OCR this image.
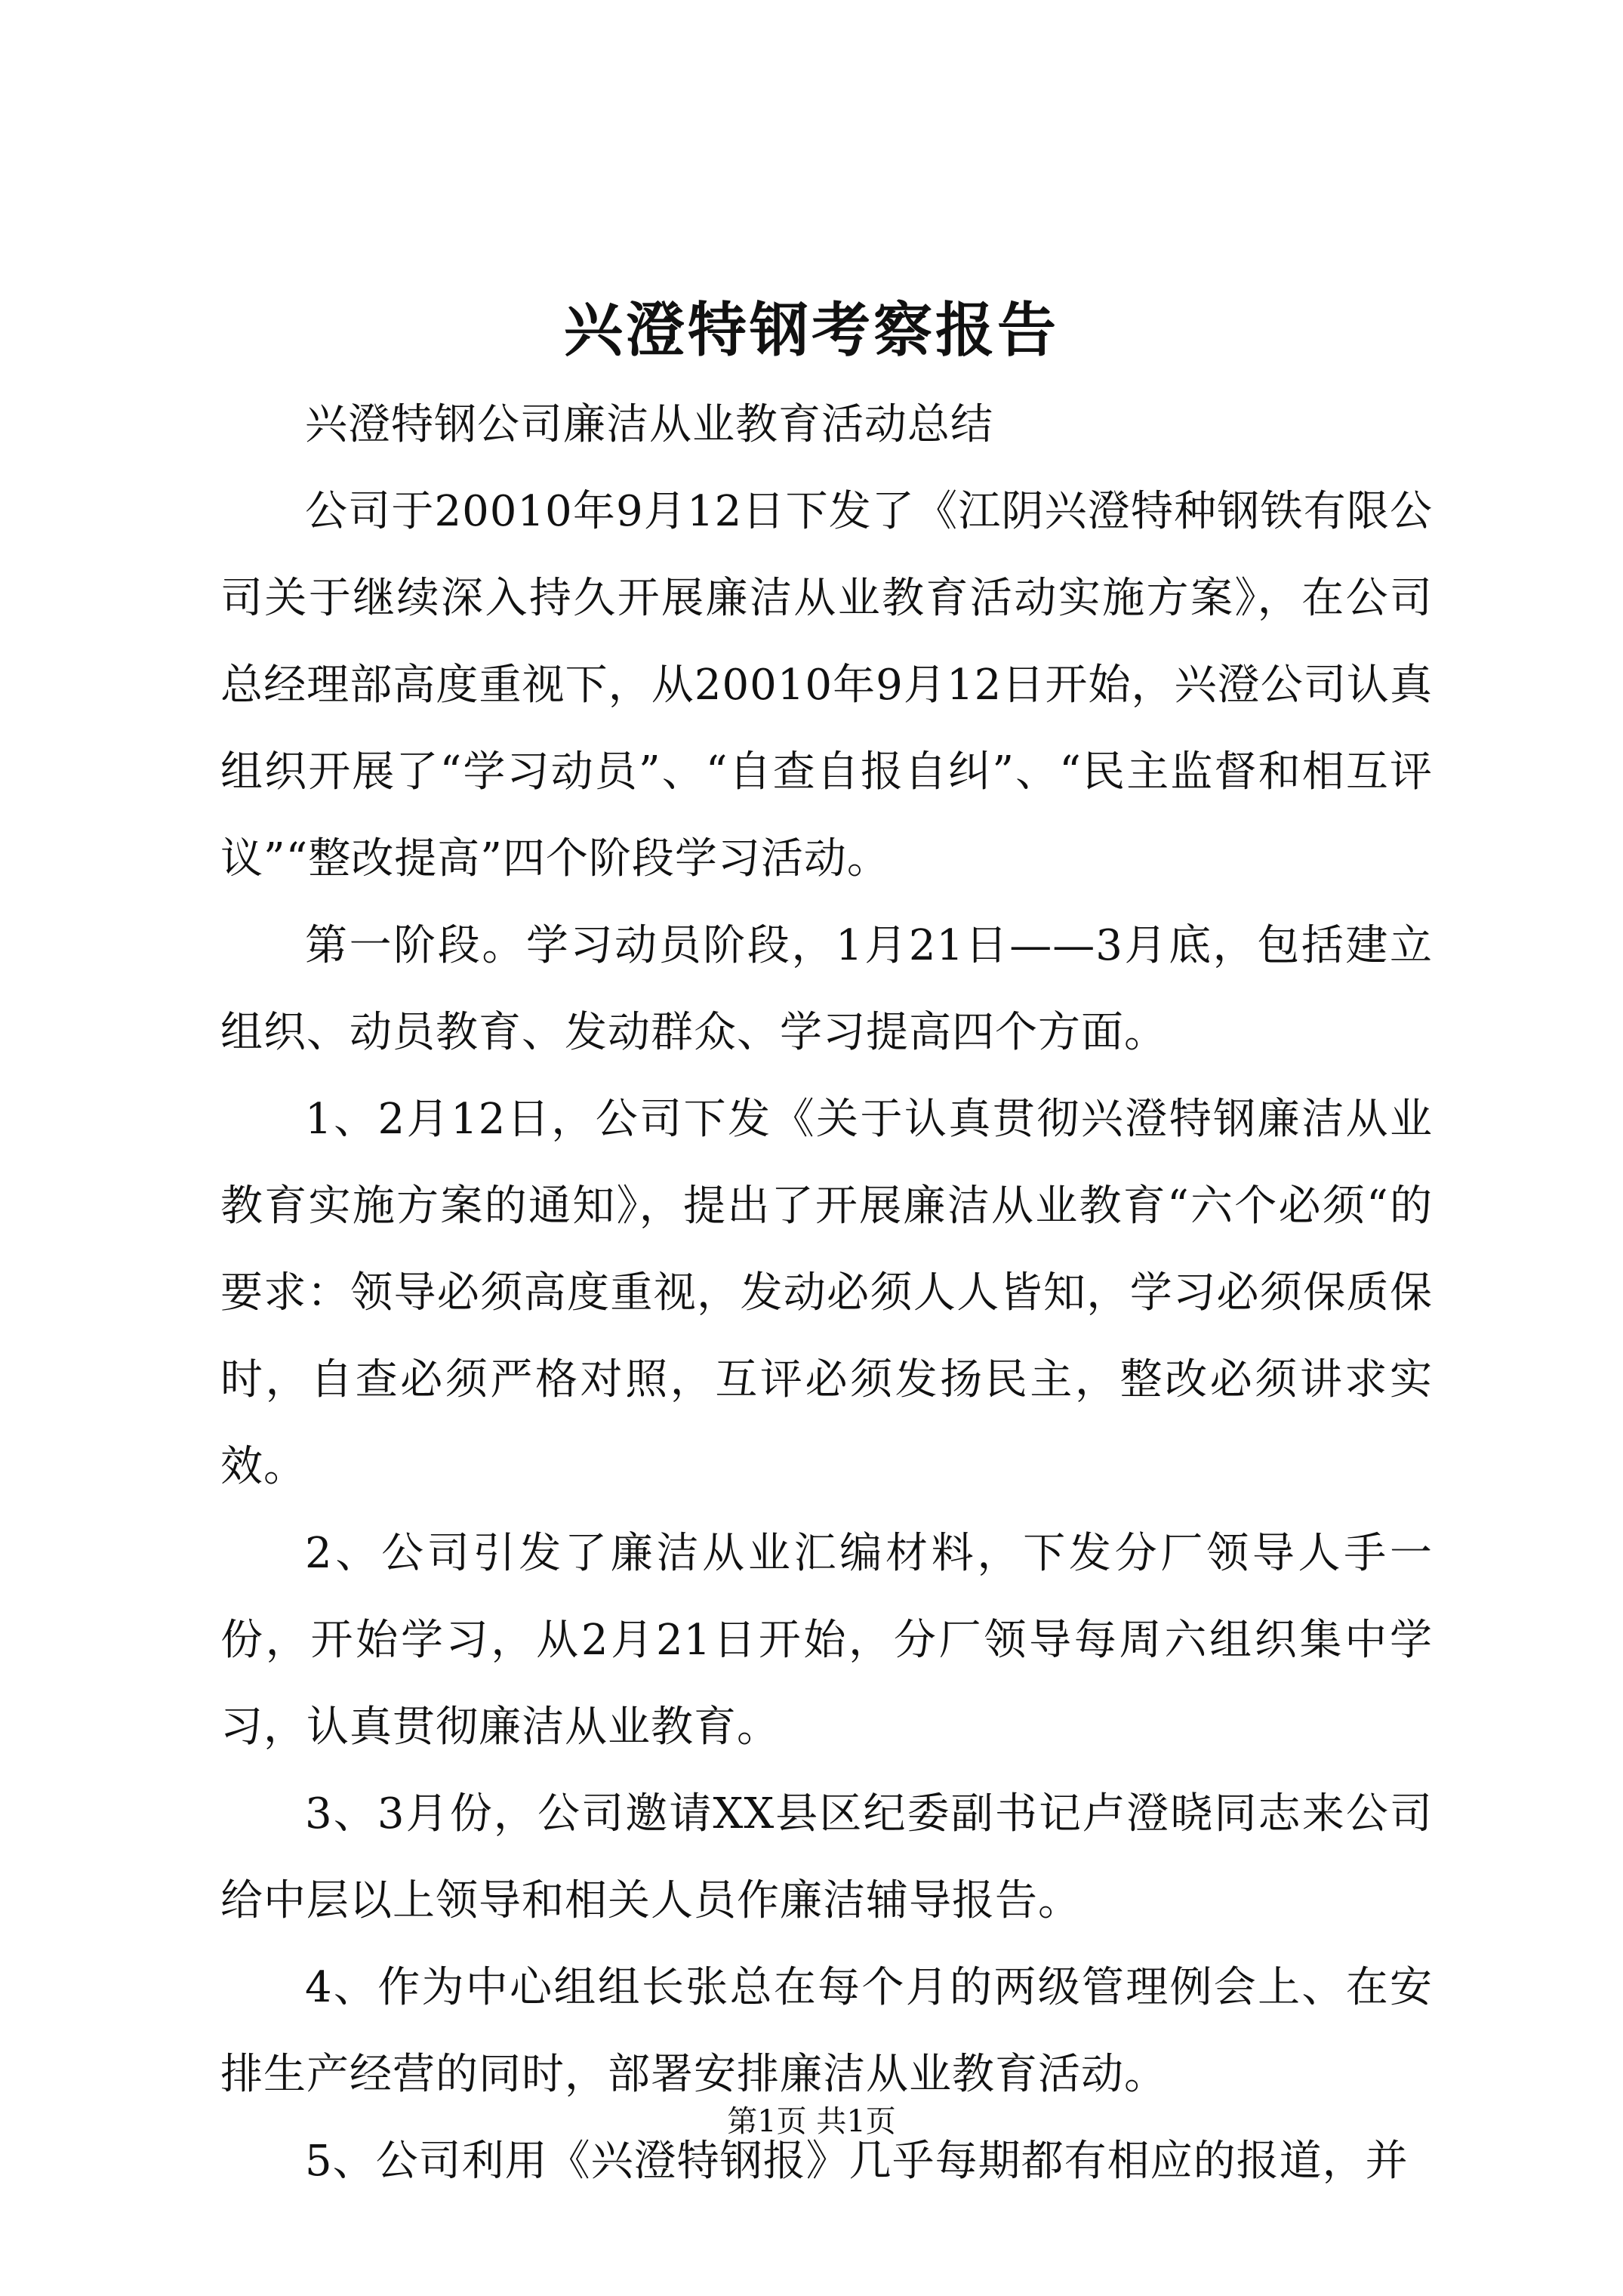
兴澄特钢考察报告

兴澄特钢公司廉洁从业教育活动总结

公司于20010年9月12日下发了《江阴兴澄特种钢铁有限公司关于继续深入持久开展廉洁从业教育活动实施方案》，在公司总经理部高度重视下，从20010年9月12日开始，兴澄公司认真组织开展了“学习动员”、“自查自报自纠”、“民主监督和相互评议”“整改提高”四个阶段学习活动。

第一阶段。学习动员阶段，1月21日——3月底，包括建立组织、动员教育、发动群众、学习提高四个方面。

1、2月12日，公司下发《关于认真贯彻兴澄特钢廉洁从业教育实施方案的通知》，提出了开展廉洁从业教育“六个必须“的要求：领导必须高度重视，发动必须人人皆知，学习必须保质保时，自查必须严格对照，互评必须发扬民主，整改必须讲求实效。

2、公司引发了廉洁从业汇编材料，下发分厂领导人手一份，开始学习，从2月21日开始，分厂领导每周六组织集中学习，认真贯彻廉洁从业教育。

3、3月份，公司邀请XX县区纪委副书记卢澄晓同志来公司给中层以上领导和相关人员作廉洁辅导报告。

4、作为中心组组长张总在每个月的两级管理例会上、在安排生产经营的同时，部署安排廉洁从业教育活动。

5、公司利用《兴澄特钢报》几乎每期都有相应的报道，并

第1页 共1页
